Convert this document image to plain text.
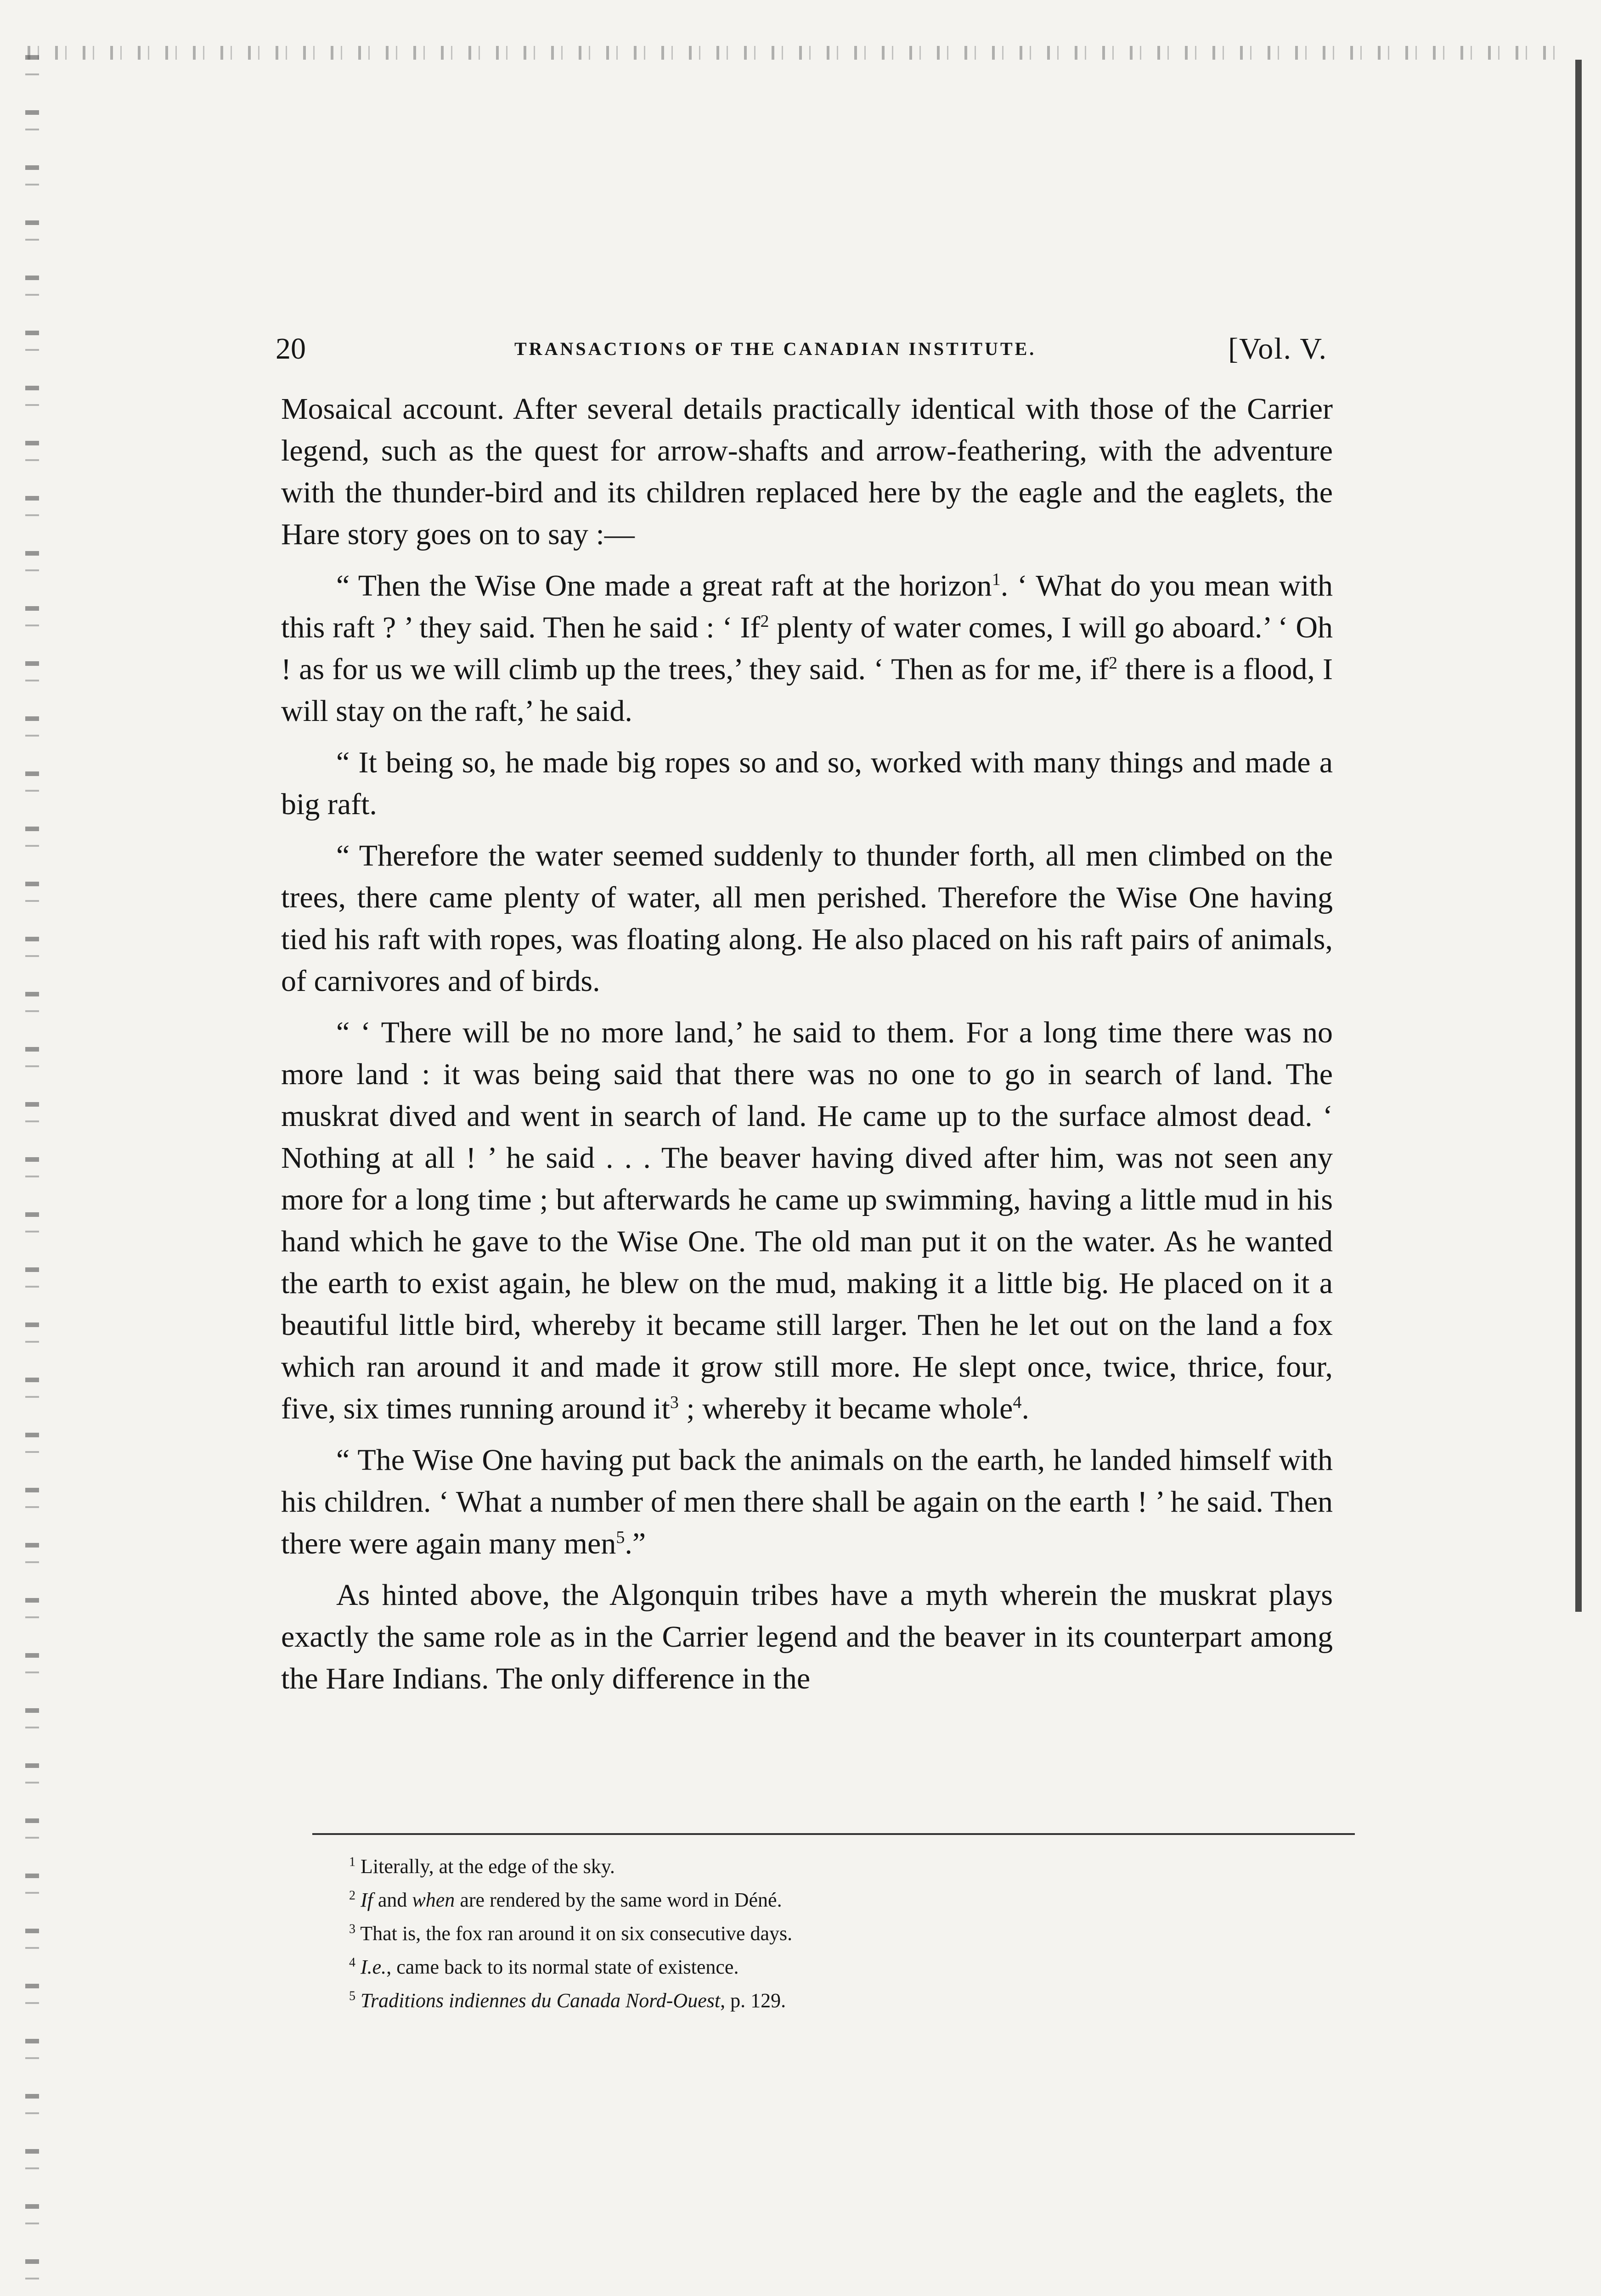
20	TRANSACTIONS OF THE CANADIAN INSTITUTE.	[Vol. V.

Mosaical account. After several details practically identical with those of the Carrier legend, such as the quest for arrow-shafts and arrow-feathering, with the adventure with the thunder-bird and its children replaced here by the eagle and the eaglets, the Hare story goes on to say :—

“ Then the Wise One made a great raft at the horizon$^1$. ‘ What do you mean with this raft ? ’ they said. Then he said : ‘ If$^2$ plenty of water comes, I will go aboard.’ ‘ Oh ! as for us we will climb up the trees,’ they said. ‘ Then as for me, $if^2$ there is a flood, I will stay on the raft,’ he said.

“ It being so, he made big ropes so and so, worked with many things and made a big raft.

“ Therefore the water seemed suddenly to thunder forth, all men climbed on the trees, there came plenty of water, all men perished. Therefore the Wise One having tied his raft with ropes, was floating along. He also placed on his raft pairs of animals, of carnivores and of birds.

“ ‘ There will be no more land,’ he said to them. For a long time there was no more land : it was being said that there was no one to go in search of land. The muskrat dived and went in search of land. He came up to the surface almost dead. ‘ Nothing at all ! ’ he said . . . The beaver having dived after him, was not seen any more for a long time ; but afterwards he came up swimming, having a little mud in his hand which he gave to the Wise One. The old man put it on the water. As he wanted the earth to exist again, he blew on the mud, making it a little big. He placed on it a beautiful little bird, whereby it became still larger. Then he let out on the land a fox which ran around it and made it grow still more. He slept once, twice, thrice, four, five, six times running around $it^3$ ; whereby it became whole$^4$.

“ The Wise One having put back the animals on the earth, he landed himself with his children. ‘ What a number of men there shall be again on the earth ! ’ he said. Then there were again many men$^5$.”

As hinted above, the Algonquin tribes have a myth wherein the muskrat plays exactly the same role as in the Carrier legend and the beaver in its counterpart among the Hare Indians. The only difference in the

$^1$ Literally, at the edge of the sky.

$^2$ If and when are rendered by the same word in Déné.

$^3$ That is, the fox ran around it on six consecutive days.

$^4$ I.e., came back to its normal state of existence.

$^5$ Traditions indiennes du Canada Nord-Ouest, p. 129.
